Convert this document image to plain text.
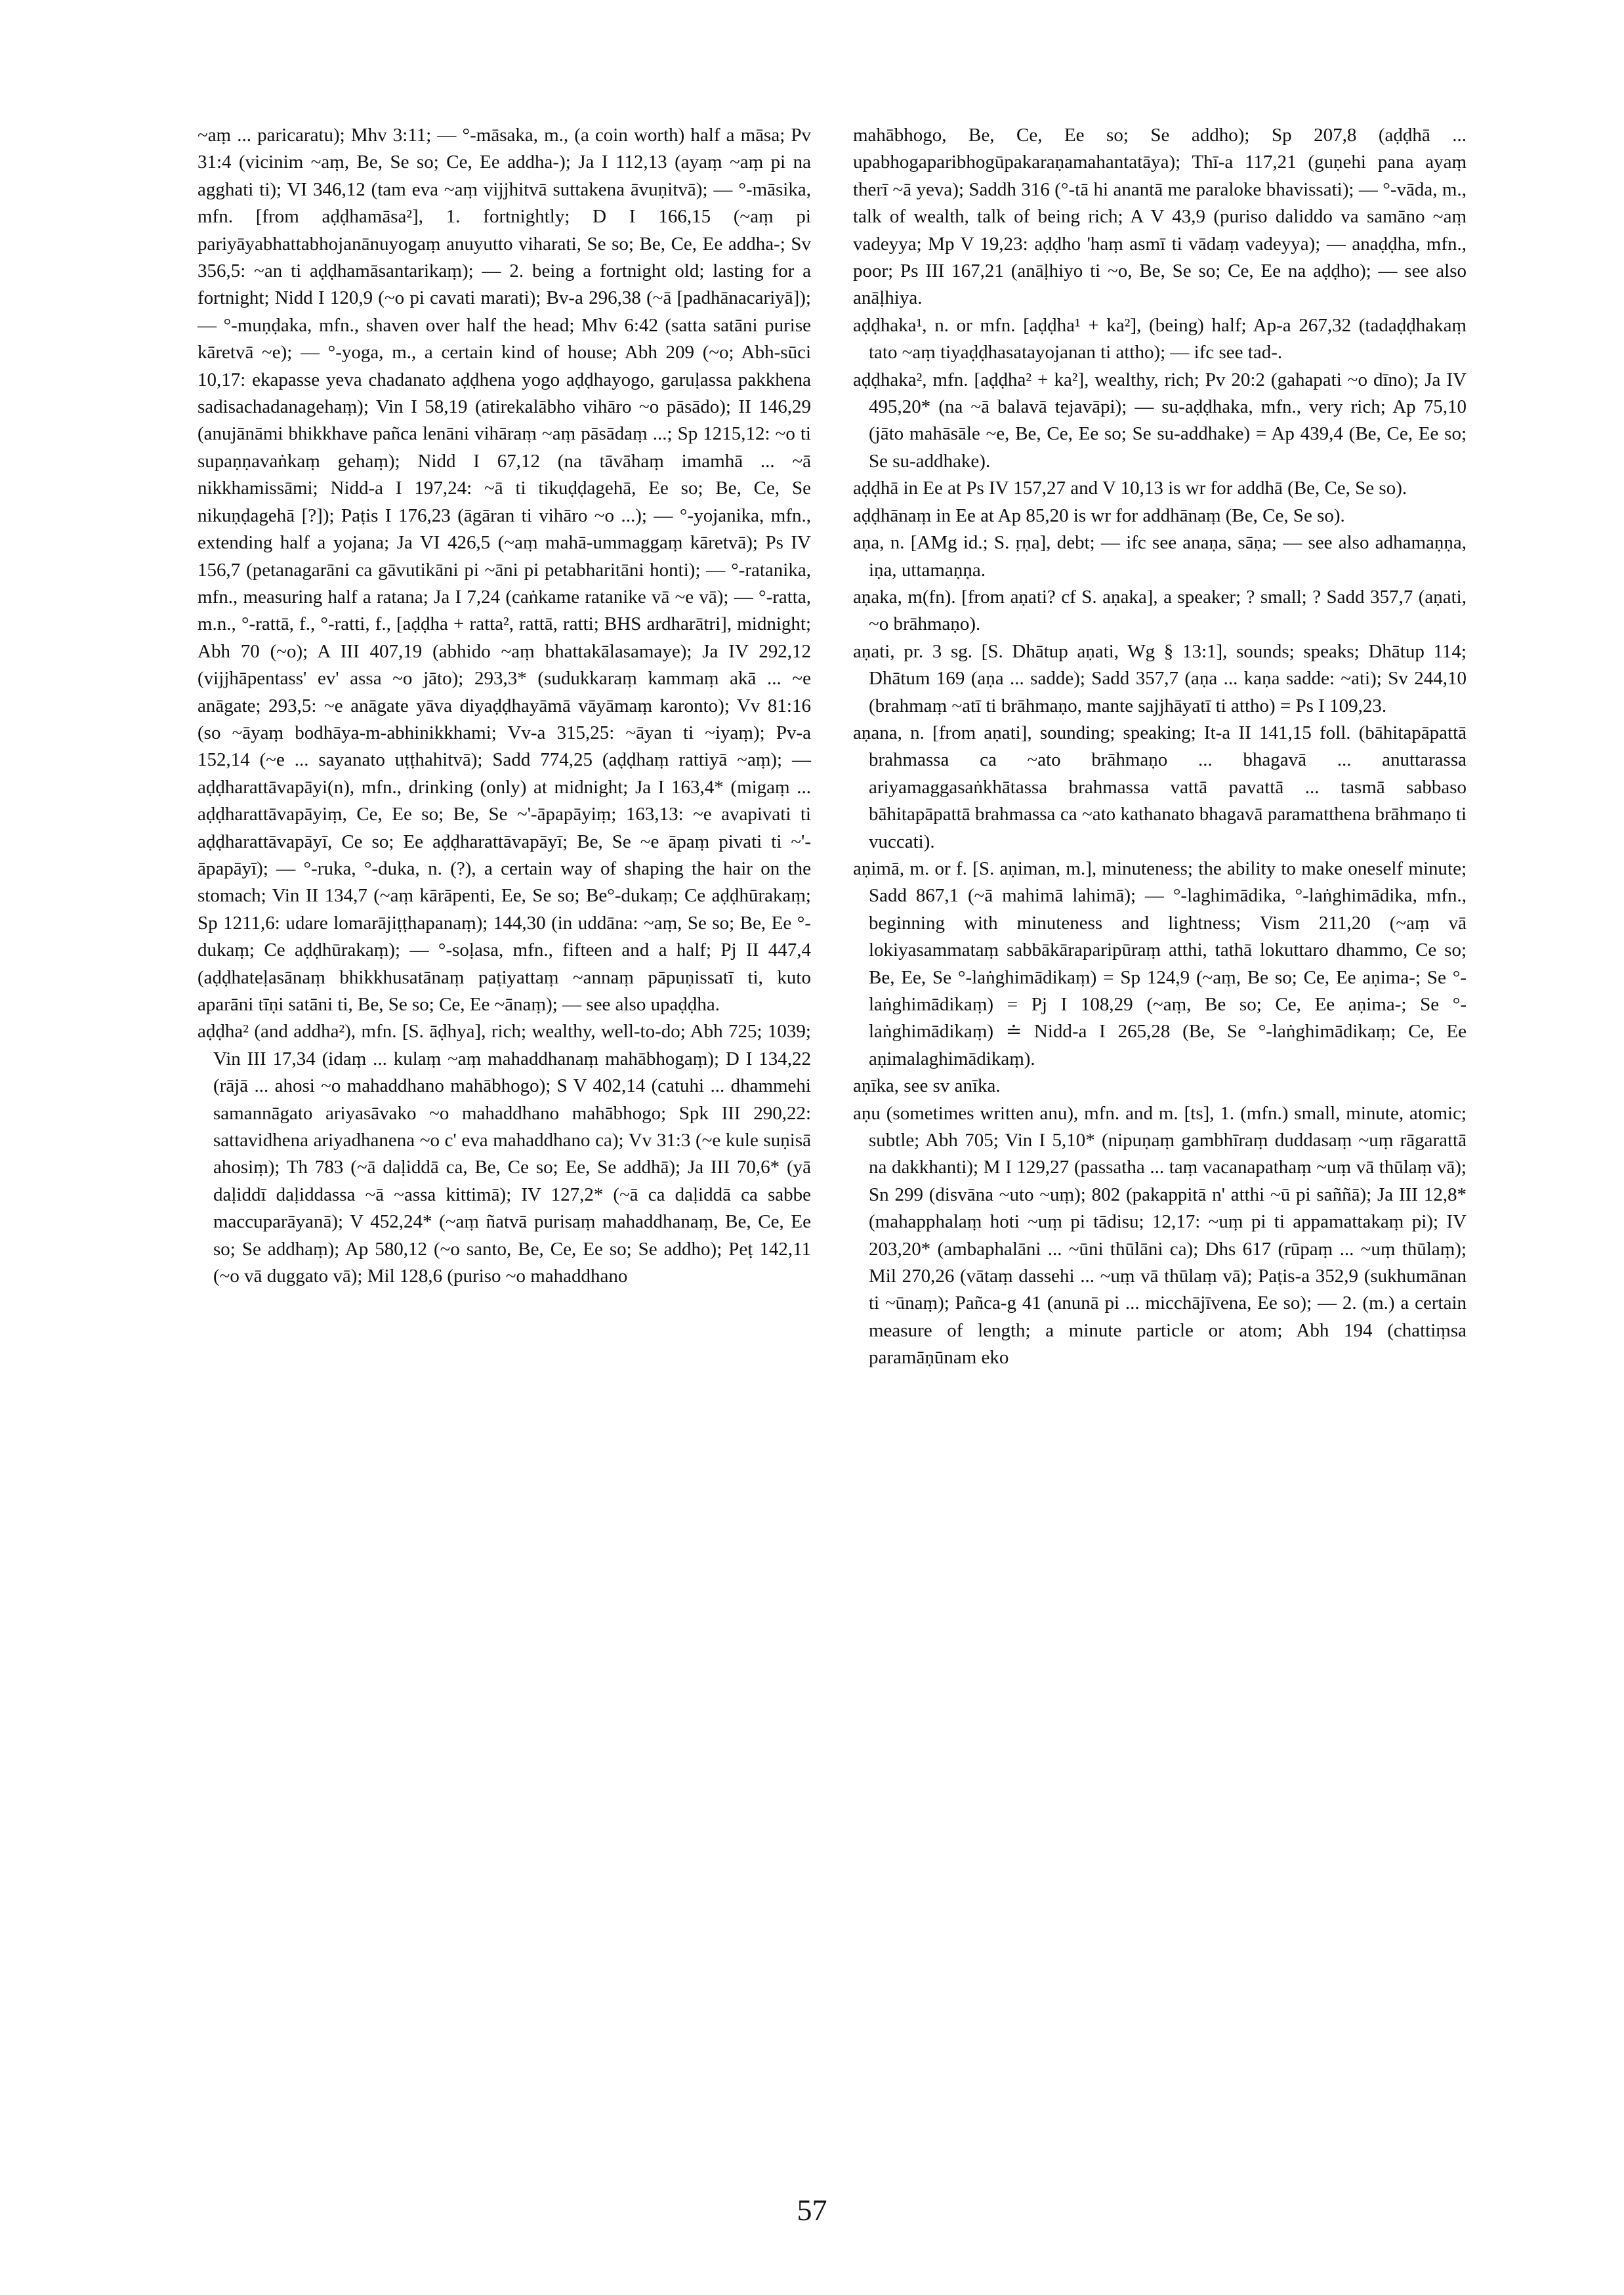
~aṃ ... paricaratu); Mhv 3:11; — °-māsaka, m., (a coin worth) half a māsa; Pv 31:4 (vicinim ~aṃ, Be, Se so; Ce, Ee addha-); Ja I 112,13 (ayaṃ ~aṃ pi na agghati ti); VI 346,12 (tam eva ~aṃ vijjhitvā suttakena āvuṇitvā); — °-māsika, mfn. [from aḍḍhamāsa²], 1. fortnightly; D I 166,15 (~aṃ pi pariyāyabhattabhojanānuyogaṃ anuyutto viharati, Se so; Be, Ce, Ee addha-; Sv 356,5: ~an ti aḍḍhamāsantarikaṃ); — 2. being a fortnight old; lasting for a fortnight; Nidd I 120,9 (~o pi cavati marati); Bv-a 296,38 (~ā [padhānacariyā]); — °-muṇḍaka, mfn., shaven over half the head; Mhv 6:42 (satta satāni purise kāretvā ~e); — °-yoga, m., a certain kind of house; Abh 209 (~o; Abh-sūci 10,17: ekapasse yeva chadanato aḍḍhena yogo aḍḍhayogo, garuḷassa pakkhena sadisachadanagehaṃ); Vin I 58,19 (atirekalābho vihāro ~o pāsādo); II 146,29 (anujānāmi bhikkhave pañca lenāni vihāraṃ ~aṃ pāsādaṃ ...; Sp 1215,12: ~o ti supaṇṇavaṅkaṃ gehaṃ); Nidd I 67,12 (na tāvāhaṃ imamhā ... ~ā nikkhamissāmi; Nidd-a I 197,24: ~ā ti tikuḍḍagehā, Ee so; Be, Ce, Se nikuṇḍagehā [?]); Paṭis I 176,23 (āgāran ti vihāro ~o ...); — °-yojanika, mfn., extending half a yojana; Ja VI 426,5 (~aṃ mahā-ummaggaṃ kāretvā); Ps IV 156,7 (petanagarāni ca gāvutikāni pi ~āni pi petabharitāni honti); — °-ratanika, mfn., measuring half a ratana; Ja I 7,24 (caṅkame ratanike vā ~e vā); — °-ratta, m.n., °-rattā, f., °-ratti, f., [aḍḍha + ratta², rattā, ratti; BHS ardharātri], midnight; Abh 70 (~o); A III 407,19 (abhido ~aṃ bhattakālasamaye); Ja IV 292,12 (vijjhāpentass' ev' assa ~o jāto); 293,3* (sudukkaraṃ kammaṃ akā ... ~e anāgate; 293,5: ~e anāgate yāva diyaḍḍhayāmā vāyāmaṃ karonto); Vv 81:16 (so ~āyaṃ bodhāya-m-abhinikkhami; Vv-a 315,25: ~āyan ti ~iyaṃ); Pv-a 152,14 (~e ... sayanato uṭṭhahitvā); Sadd 774,25 (aḍḍhaṃ rattiyā ~aṃ); — aḍḍharattāvapāyi(n), mfn., drinking (only) at midnight; Ja I 163,4* (migaṃ ... aḍḍharattāvapāyiṃ, Ce, Ee so; Be, Se ~'-āpapāyiṃ; 163,13: ~e avapivati ti aḍḍharattāvapāyī, Ce so; Ee aḍḍharattāvapāyī; Be, Se ~e āpaṃ pivati ti ~'-āpapāyī); — °-ruka, °-duka, n. (?), a certain way of shaping the hair on the stomach; Vin II 134,7 (~aṃ kārāpenti, Ee, Se so; Be°-dukaṃ; Ce aḍḍhūrakaṃ; Sp 1211,6: udare lomarājiṭṭhapanaṃ); 144,30 (in uddāna: ~aṃ, Se so; Be, Ee °-dukaṃ; Ce aḍḍhūrakaṃ); — °-soḷasa, mfn., fifteen and a half; Pj II 447,4 (aḍḍhateḷasānaṃ bhikkhusatānaṃ paṭiyattaṃ ~annaṃ pāpuṇissatī ti, kuto aparāni tīṇi satāni ti, Be, Se so; Ce, Ee ~ānaṃ); — see also upaḍḍha.

aḍḍha² (and addha²), mfn. [S. āḍhya], rich; wealthy, well-to-do; Abh 725; 1039; Vin III 17,34 (idaṃ ... kulaṃ ~aṃ mahaddhanaṃ mahābhogaṃ); D I 134,22 (rājā ... ahosi ~o mahaddhano mahābhogo); S V 402,14 (catuhi ... dhammehi samannāgato ariyasāvako ~o mahaddhano mahābhogo; Spk III 290,22: sattavidhena ariyadhanena ~o c' eva mahaddhano ca); Vv 31:3 (~e kule suṇisā ahosiṃ); Th 783 (~ā daḷiddā ca, Be, Ce so; Ee, Se addhā); Ja III 70,6* (yā daḷiddī daḷiddassa ~ā ~assa kittimā); IV 127,2* (~ā ca daḷiddā ca sabbe maccuparāyanā); V 452,24* (~aṃ ñatvā purisaṃ mahaddhanaṃ, Be, Ce, Ee so; Se addhaṃ); Ap 580,12 (~o santo, Be, Ce, Ee so; Se addho); Peṭ 142,11 (~o vā duggato vā); Mil 128,6 (puriso ~o mahaddhano

mahābhogo, Be, Ce, Ee so; Se addho); Sp 207,8 (aḍḍhā ... upabhogaparibhogūpakaraṇamahantatāya); Thī-a 117,21 (guṇehi pana ayaṃ therī ~ā yeva); Saddh 316 (°-tā hi anantā me paraloke bhavissati); — °-vāda, m., talk of wealth, talk of being rich; A V 43,9 (puriso daliddo va samāno ~aṃ vadeyya; Mp V 19,23: aḍḍho 'haṃ asmī ti vādaṃ vadeyya); — anaḍḍha, mfn., poor; Ps III 167,21 (anāḷhiyo ti ~o, Be, Se so; Ce, Ee na aḍḍho); — see also anāḷhiya.

aḍḍhaka¹, n. or mfn. [aḍḍha¹ + ka²], (being) half; Ap-a 267,32 (tadaḍḍhakaṃ tato ~aṃ tiyaḍḍhasatayojanan ti attho); — ifc see tad-.

aḍḍhaka², mfn. [aḍḍha² + ka²], wealthy, rich; Pv 20:2 (gahapati ~o dīno); Ja IV 495,20* (na ~ā balavā tejavāpi); — su-aḍḍhaka, mfn., very rich; Ap 75,10 (jāto mahāsāle ~e, Be, Ce, Ee so; Se su-addhake) = Ap 439,4 (Be, Ce, Ee so; Se su-addhake).

aḍḍhā in Ee at Ps IV 157,27 and V 10,13 is wr for addhā (Be, Ce, Se so).

aḍḍhānaṃ in Ee at Ap 85,20 is wr for addhānaṃ (Be, Ce, Se so).

aṇa, n. [AMg id.; S. ṛṇa], debt; — ifc see anaṇa, sāṇa; — see also adhamaṇṇa, iṇa, uttamaṇṇa.

aṇaka, m(fn). [from aṇati? cf S. aṇaka], a speaker; ? small; ? Sadd 357,7 (aṇati, ~o brāhmaṇo).

aṇati, pr. 3 sg. [S. Dhātup aṇati, Wg § 13:1], sounds; speaks; Dhātup 114; Dhātum 169 (aṇa ... sadde); Sadd 357,7 (aṇa ... kaṇa sadde: ~ati); Sv 244,10 (brahmaṃ ~atī ti brāhmaṇo, mante sajjhāyatī ti attho) = Ps I 109,23.

aṇana, n. [from aṇati], sounding; speaking; It-a II 141,15 foll. (bāhitapāpattā brahmassa ca ~ato brāhmaṇo ... bhagavā ... anuttarassa ariyamaggasaṅkhātassa brahmassa vattā pavattā ... tasmā sabbaso bāhitapāpattā brahmassa ca ~ato kathanato bhagavā paramatthena brāhmaṇo ti vuccati).

aṇimā, m. or f. [S. aṇiman, m.], minuteness; the ability to make oneself minute; Sadd 867,1 (~ā mahimā lahimā); — °-laghimādika, °-laṅghimādika, mfn., beginning with minuteness and lightness; Vism 211,20 (~aṃ vā lokiyasammataṃ sabbākāraparipūraṃ atthi, tathā lokuttaro dhammo, Ce so; Be, Ee, Se °-laṅghimādikaṃ) = Sp 124,9 (~aṃ, Be so; Ce, Ee aṇima-; Se °-laṅghimādikaṃ) = Pj I 108,29 (~aṃ, Be so; Ce, Ee aṇima-; Se °-laṅghimādikaṃ) ≐ Nidd-a I 265,28 (Be, Se °-laṅghimādikaṃ; Ce, Ee aṇimalaghimādikaṃ).

aṇīka, see sv anīka.

aṇu (sometimes written anu), mfn. and m. [ts], 1. (mfn.) small, minute, atomic; subtle; Abh 705; Vin I 5,10* (nipuṇaṃ gambhīraṃ duddasaṃ ~uṃ rāgarattā na dakkhanti); M I 129,27 (passatha ... taṃ vacanapathaṃ ~uṃ vā thūlaṃ vā); Sn 299 (disvāna ~uto ~uṃ); 802 (pakappitā n' atthi ~ū pi saññā); Ja III 12,8* (mahapphalaṃ hoti ~uṃ pi tādisu; 12,17: ~uṃ pi ti appamattakaṃ pi); IV 203,20* (ambaphalāni ... ~ūni thūlāni ca); Dhs 617 (rūpaṃ ... ~uṃ thūlaṃ); Mil 270,26 (vātaṃ dassehi ... ~uṃ vā thūlaṃ vā); Paṭis-a 352,9 (sukhumānan ti ~ūnaṃ); Pañca-g 41 (anunā pi ... micchājīvena, Ee so); — 2. (m.) a certain measure of length; a minute particle or atom; Abh 194 (chattiṃsa paramāṇūnam eko

57
